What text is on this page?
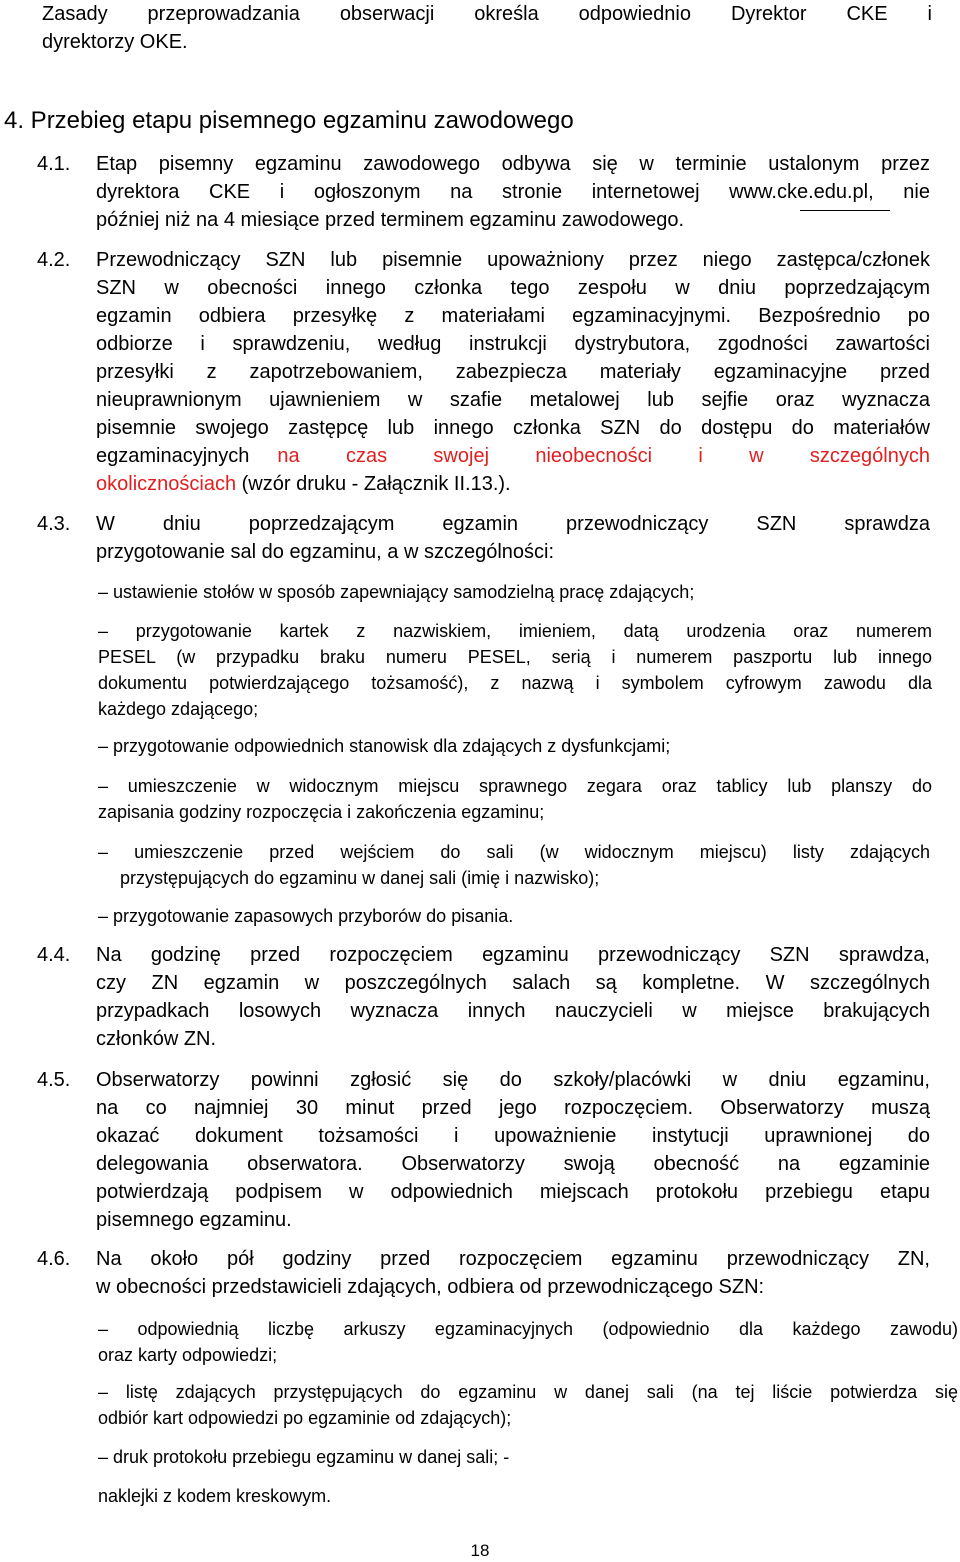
Zasady przeprowadzania obserwacji określa odpowiednio Dyrektor CKE i
dyrektorzy OKE.
4. Przebieg etapu pisemnego egzaminu zawodowego
4.1. Etap pisemny egzaminu zawodowego odbywa się w terminie ustalonym przez
dyrektora CKE i ogłoszonym na stronie internetowej www.cke.edu.pl, nie
później niż na 4 miesiące przed terminem egzaminu zawodowego.
4.2. Przewodniczący SZN lub pisemnie upoważniony przez niego zastępca/członek
SZN w obecności innego członka tego zespołu w dniu poprzedzającym
egzamin odbiera przesyłkę z materiałami egzaminacyjnymi. Bezpośrednio po
odbiorze i sprawdzeniu, według instrukcji dystrybutora, zgodności zawartości
przesyłki z zapotrzebowaniem, zabezpiecza materiały egzaminacyjne przed
nieuprawnionym ujawnieniem w szafie metalowej lub sejfie oraz wyznacza
pisemnie swojego zastępcę lub innego członka SZN do dostępu do materiałów
egzaminacyjnych na czas swojej nieobecności i w szczególnych
okolicznościach (wzór druku - Załącznik II.13.).
4.3. W dniu poprzedzającym egzamin przewodniczący SZN sprawdza
przygotowanie sal do egzaminu, a w szczególności:
– ustawienie stołów w sposób zapewniający samodzielną pracę zdających;
– przygotowanie kartek z nazwiskiem, imieniem, datą urodzenia oraz numerem
PESEL (w przypadku braku numeru PESEL, serią i numerem paszportu lub innego
dokumentu potwierdzającego tożsamość), z nazwą i symbolem cyfrowym zawodu dla
każdego zdającego;
– przygotowanie odpowiednich stanowisk dla zdających z dysfunkcjami;
– umieszczenie w widocznym miejscu sprawnego zegara oraz tablicy lub planszy do
zapisania godziny rozpoczęcia i zakończenia egzaminu;
– umieszczenie przed wejściem do sali (w widocznym miejscu) listy zdających
przystępujących do egzaminu w danej sali (imię i nazwisko);
– przygotowanie zapasowych przyborów do pisania.
4.4. Na godzinę przed rozpoczęciem egzaminu przewodniczący SZN sprawdza,
czy ZN egzamin w poszczególnych salach są kompletne. W szczególnych
przypadkach losowych wyznacza innych nauczycieli w miejsce brakujących
członków ZN.
4.5. Obserwatorzy powinni zgłosić się do szkoły/placówki w dniu egzaminu,
na co najmniej 30 minut przed jego rozpoczęciem. Obserwatorzy muszą
okazać dokument tożsamości i upoważnienie instytucji uprawnionej do
delegowania obserwatora. Obserwatorzy swoją obecność na egzaminie
potwierdzają podpisem w odpowiednich miejscach protokołu przebiegu etapu
pisemnego egzaminu.
4.6. Na około pół godziny przed rozpoczęciem egzaminu przewodniczący ZN,
w obecności przedstawicieli zdających, odbiera od przewodniczącego SZN:
– odpowiednią liczbę arkuszy egzaminacyjnych (odpowiednio dla każdego zawodu)
oraz karty odpowiedzi;
– listę zdających przystępujących do egzaminu w danej sali (na tej liście potwierdza się
odbiór kart odpowiedzi po egzaminie od zdających);
– druk protokołu przebiegu egzaminu w danej sali; -
naklejki z kodem kreskowym.
18
